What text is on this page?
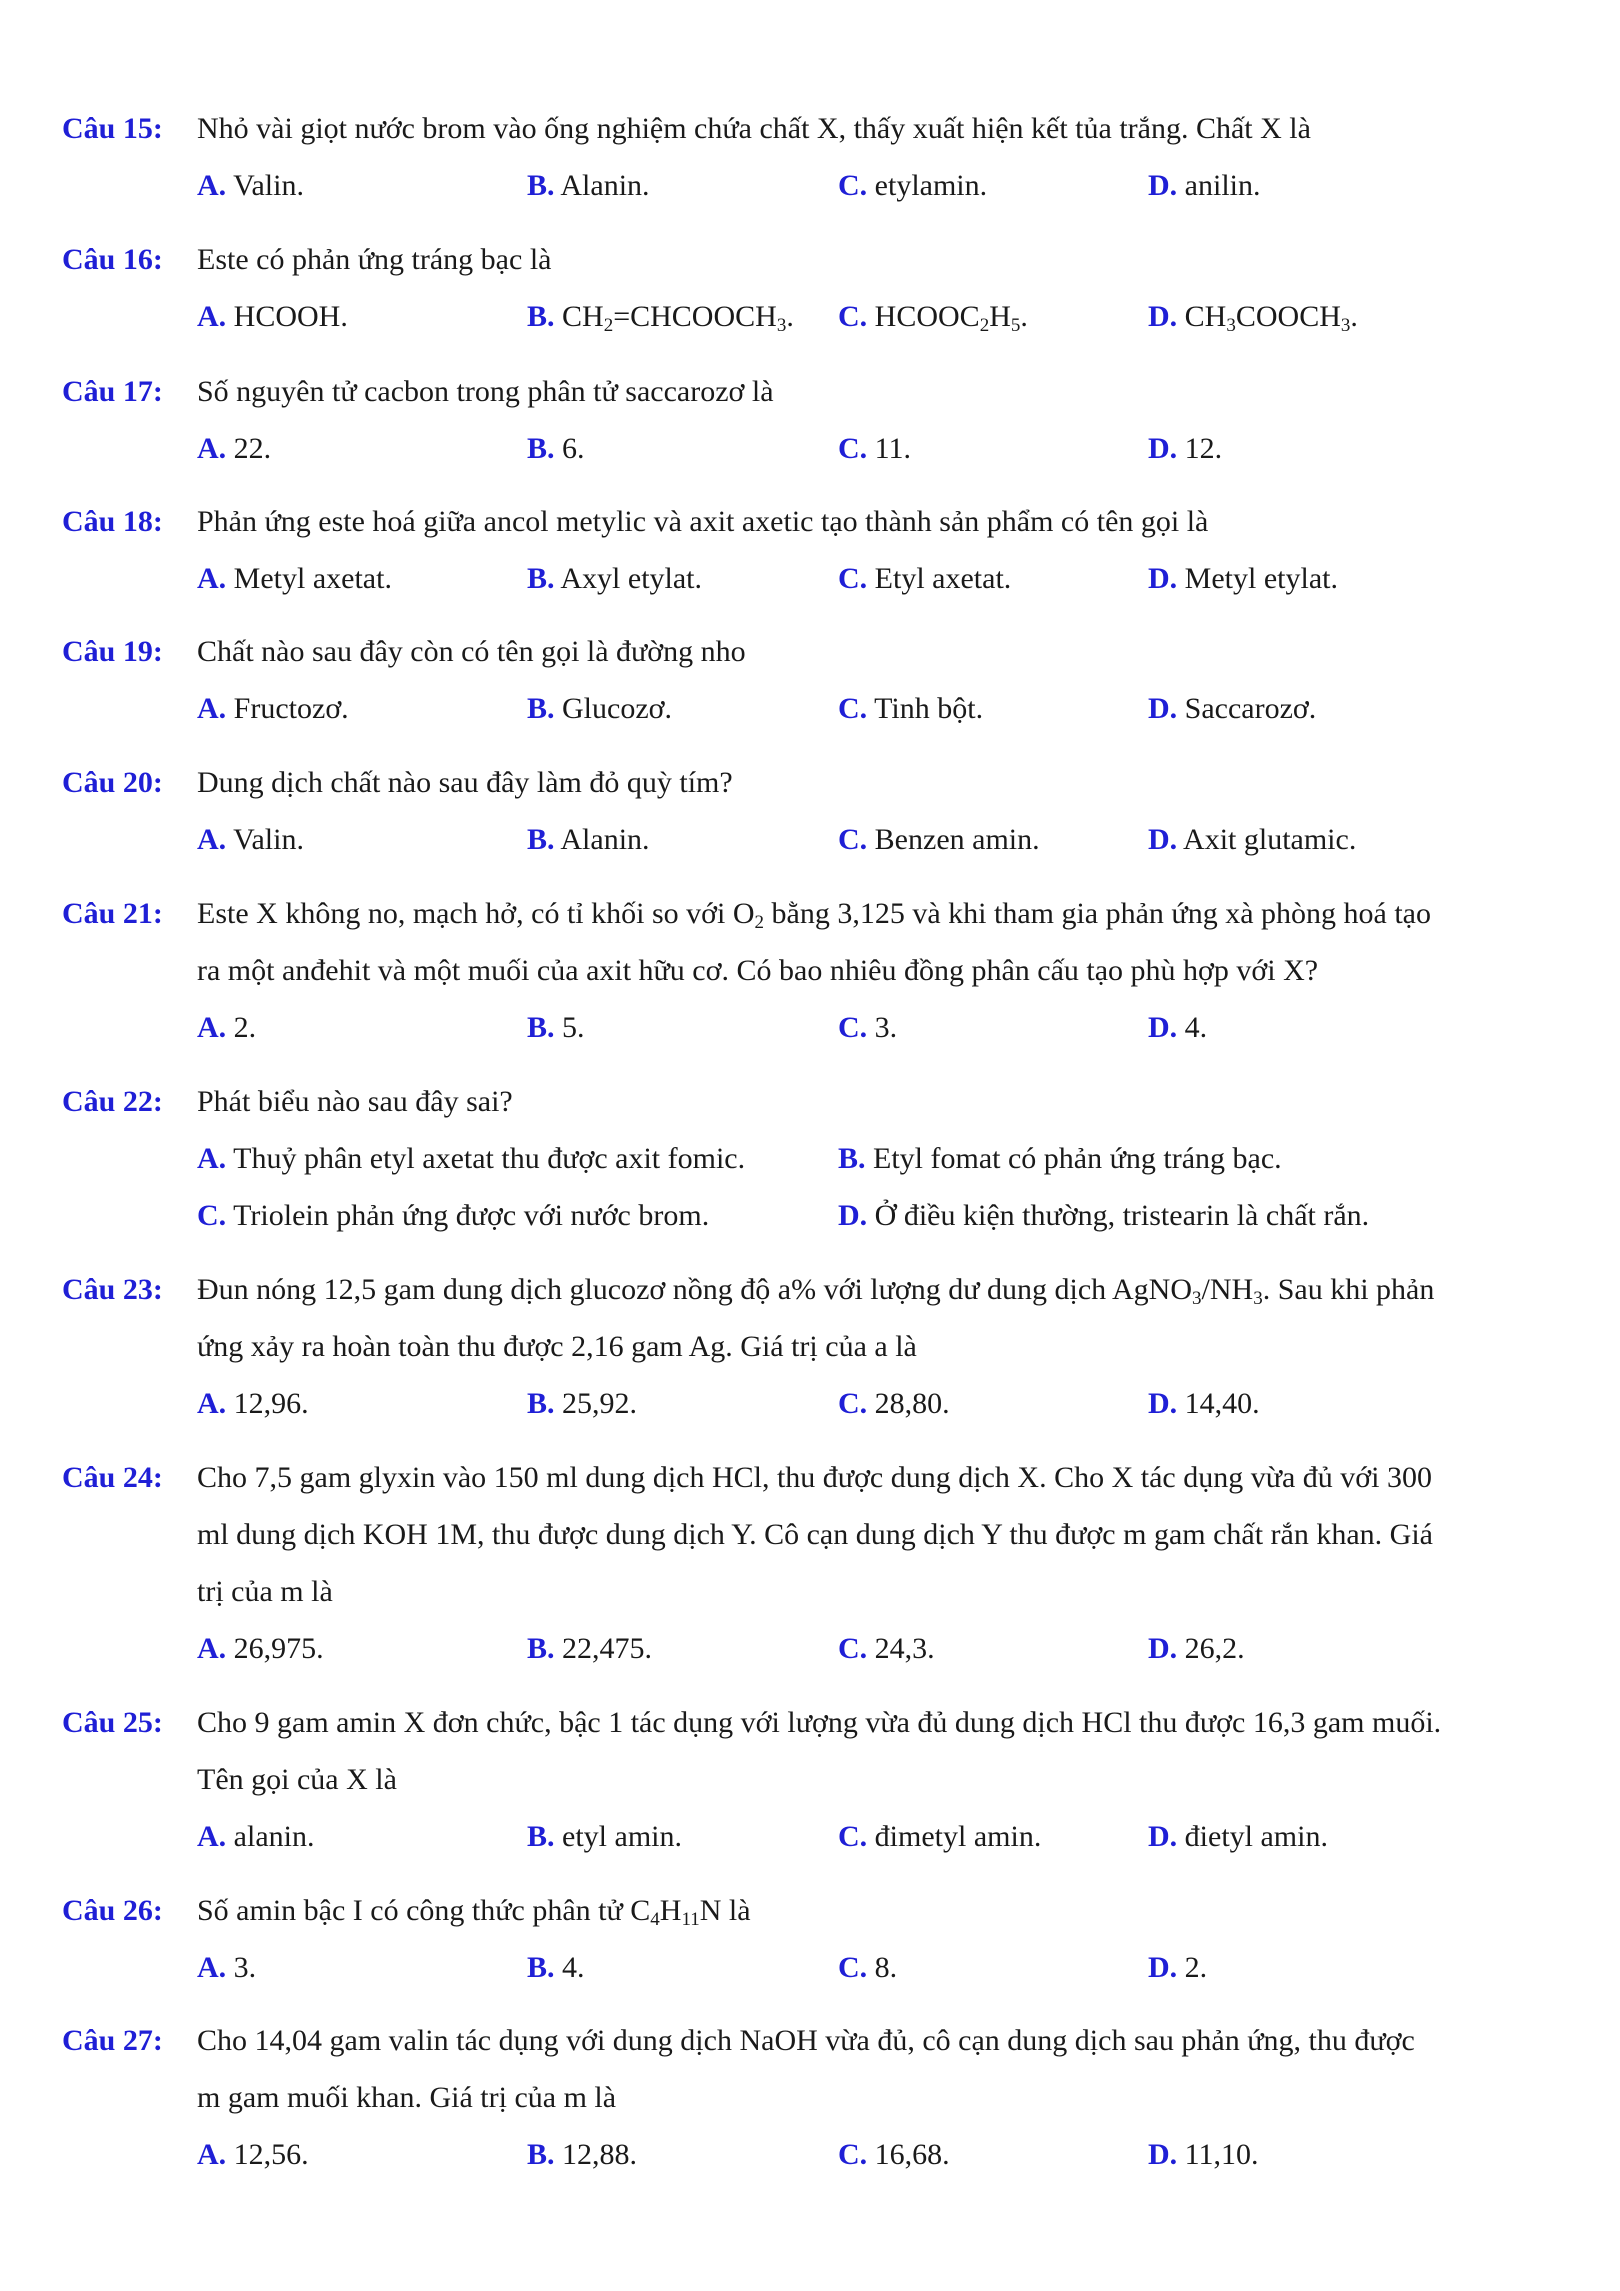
Câu 15: Nhỏ vài giọt nước brom vào ống nghiệm chứa chất X, thấy xuất hiện kết tủa trắng. Chất X là
A. Valin.	B. Alanin.	C. etylamin.	D. anilin.
Câu 16: Este có phản ứng tráng bạc là
A. HCOOH.	B. $CH_2=CHCOOCH_3$. C. $HCOOC_2H_5$.	D. $CH_3COOCH_3$.
Câu 17: Số nguyên tử cacbon trong phân tử saccarozơ là
A. 22.	B. 6.	C. 11.	D. 12.
Câu 18: Phản ứng este hoá giữa ancol metylic và axit axetic tạo thành sản phẩm có tên gọi là
A. Metyl axetat.	B. Axyl etylat.	C. Etyl axetat.	D. Metyl etylat.
Câu 19: Chất nào sau đây còn có tên gọi là đường nho
A. Fructozơ.	B. Glucozơ.	C. Tinh bột.	D. Saccarozơ.
Câu 20: Dung dịch chất nào sau đây làm đỏ quỳ tím?
A. Valin.	B. Alanin.	C. Benzen amin.	D. Axit glutamic.
Câu 21: Este X không no, mạch hở, có tỉ khối so với $O_2$ bằng 3,125 và khi tham gia phản ứng xà phòng hoá tạo
ra một anđehit và một muối của axit hữu cơ. Có bao nhiêu đồng phân cấu tạo phù hợp với X?
A. 2.	B. 5.	C. 3.	D. 4.
Câu 22: Phát biểu nào sau đây sai?
A. Thuỷ phân etyl axetat thu được axit fomic.	B. Etyl fomat có phản ứng tráng bạc.
C. Triolein phản ứng được với nước brom.	D. Ở điều kiện thường, tristearin là chất rắn.
Câu 23: Đun nóng 12,5 gam dung dịch glucozơ nồng độ a% với lượng dư dung dịch $AgNO_3/NH_3$. Sau khi phản
ứng xảy ra hoàn toàn thu được 2,16 gam Ag. Giá trị của a là
A. 12,96.	B. 25,92.	C. 28,80.	D. 14,40.
Câu 24: Cho 7,5 gam glyxin vào 150 ml dung dịch HCl, thu được dung dịch X. Cho X tác dụng vừa đủ với 300
ml dung dịch KOH 1M, thu được dung dịch Y. Cô cạn dung dịch Y thu được m gam chất rắn khan. Giá
trị của m là
A. 26,975.	B. 22,475.	C. 24,3.	D. 26,2.
Câu 25: Cho 9 gam amin X đơn chức, bậc 1 tác dụng với lượng vừa đủ dung dịch HCl thu được 16,3 gam muối.
Tên gọi của X là
A. alanin.	B. etyl amin.	C. đimetyl amin.	D. đietyl amin.
Câu 26: Số amin bậc I có công thức phân tử $C_4H_{11}N$ là
A. 3.	B. 4.	C. 8.	D. 2.
Câu 27: Cho 14,04 gam valin tác dụng với dung dịch NaOH vừa đủ, cô cạn dung dịch sau phản ứng, thu được
m gam muối khan. Giá trị của m là
A. 12,56.	B. 12,88.	C. 16,68.	D. 11,10.
